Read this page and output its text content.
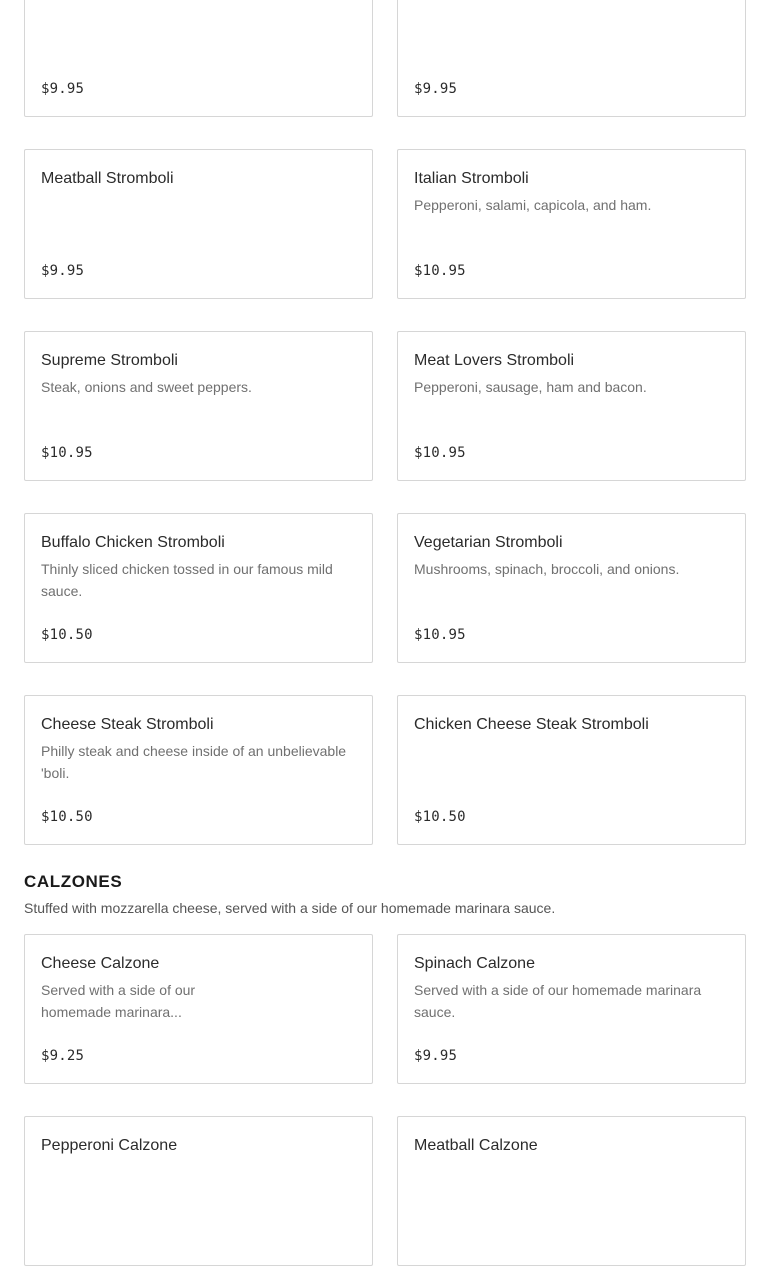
$9.95	$9.95
Meatball Stromboli
$9.95
Italian Stromboli
Pepperoni, salami, capicola, and ham.
$10.95
Supreme Stromboli
Steak, onions and sweet peppers.
$10.95
Meat Lovers Stromboli
Pepperoni, sausage, ham and bacon.
$10.95
Buffalo Chicken Stromboli
Thinly sliced chicken tossed in our famous mild sauce.
$10.50
Vegetarian Stromboli
Mushrooms, spinach, broccoli, and onions.
$10.95
Cheese Steak Stromboli
Philly steak and cheese inside of an unbelievable 'boli.
$10.50
Chicken Cheese Steak Stromboli
$10.50
CALZONES
Stuffed with mozzarella cheese, served with a side of our homemade marinara sauce.
Cheese Calzone
Served with a side of our homemade marinara...
$9.25
Spinach Calzone
Served with a side of our homemade marinara sauce.
$9.95
Pepperoni Calzone	Meatball Calzone
